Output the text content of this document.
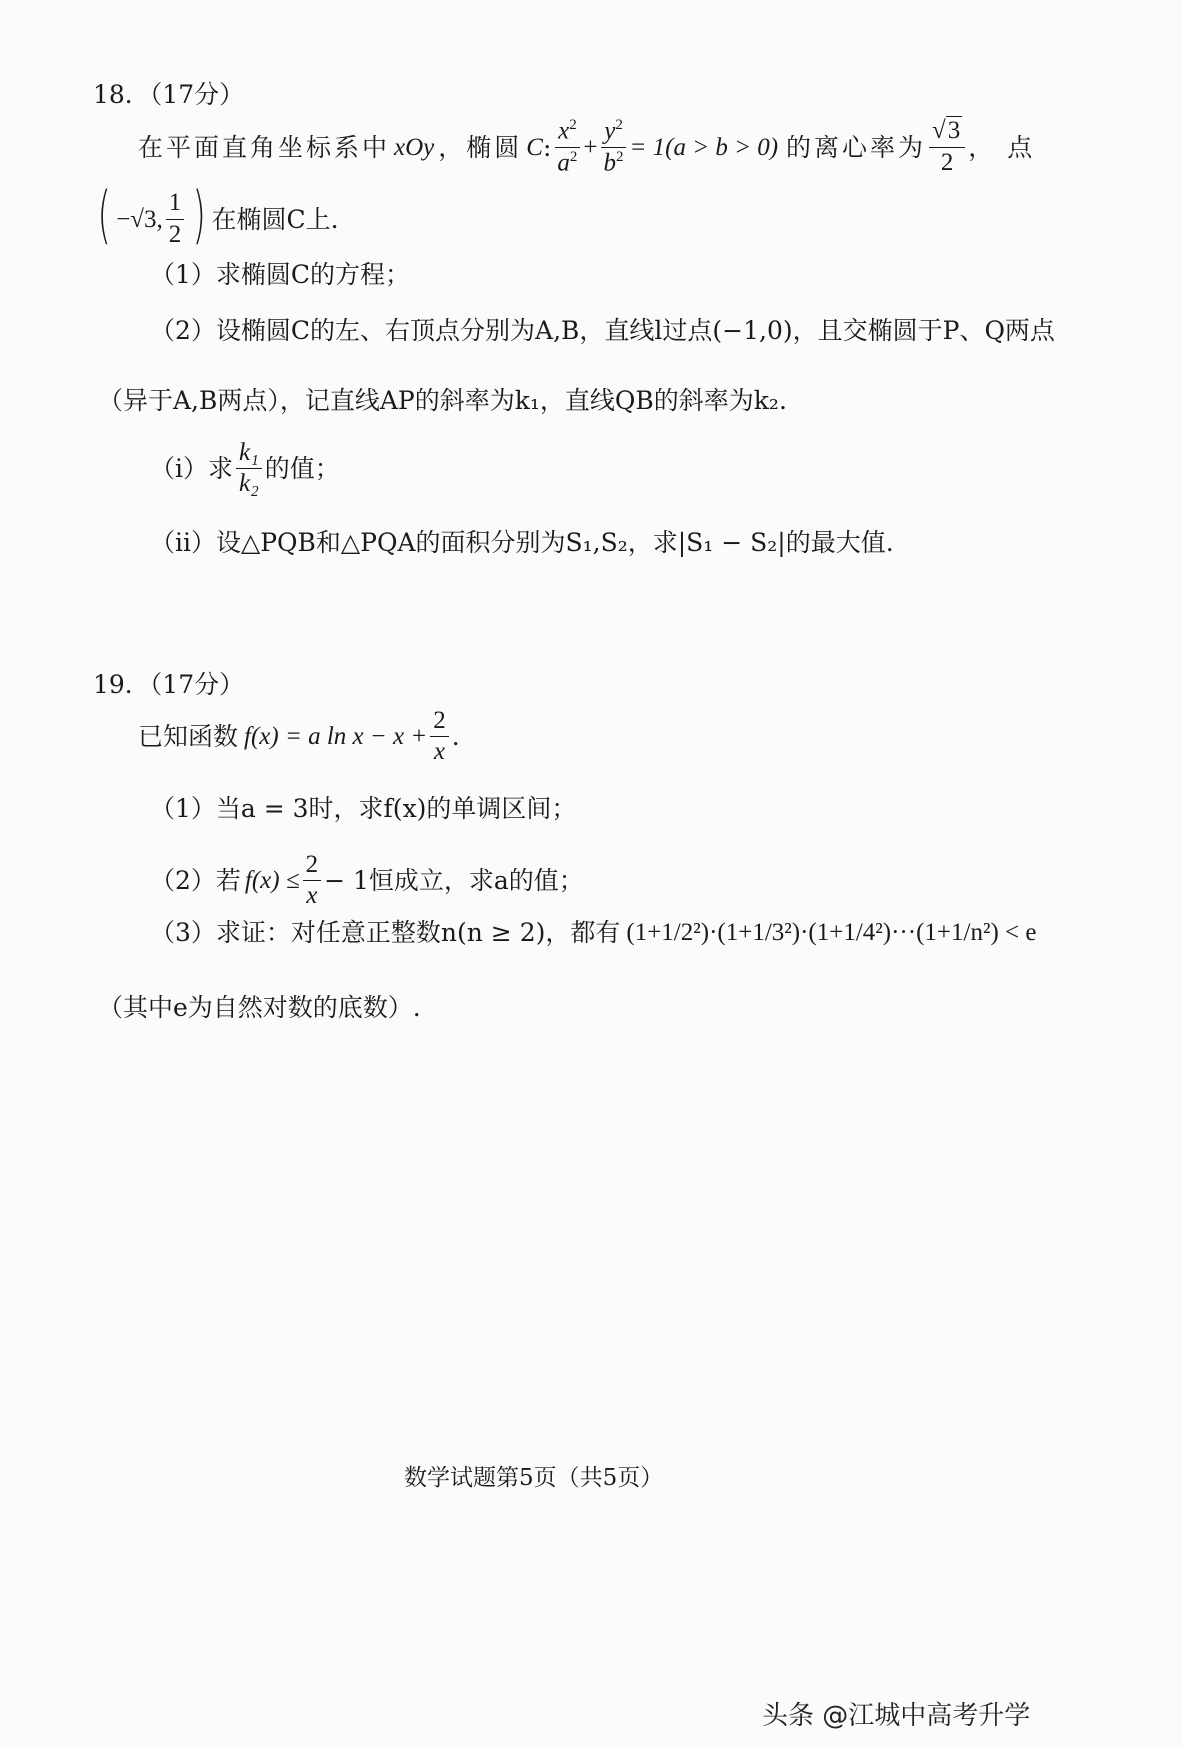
18．（17分）
在平面直角坐标系中 xOy ，椭圆 C : $\frac{x^2}{a^2} + \frac{y^2}{b^2} = 1(a > b > 0)$ 的离心率为 $\frac{√3}{2}$ ，点
( −√3, $\frac{1}{2}$ ) 在椭圆C上.
（1）求椭圆C的方程；
（2）设椭圆C的左、右顶点分别为A,B，直线l过点(−1,0)，且交椭圆于P、Q两点
（异于A,B两点），记直线AP的斜率为k₁，直线QB的斜率为k₂.
（i）求 $\frac{\text{k₁}}{\text{k₂}}$ 的值；
（ii）设△PQB和△PQA的面积分别为S₁,S₂，求|S₁ − S₂|的最大值.
19．（17分）
已知函数 f(x) = a $\ln x - x + \frac{2}{x}$ .
（1）当a = 3时，求f(x)的单调区间；
（2）若 $f(x) \le \frac{2}{x} - 1$恒成立，求a的值；
（3）求证：对任意正整数n(n ≥ 2)，都有 (1+1/2²)·(1+1/3²)·(1+1/4²)···(1+1/n²) < e
（其中e为自然对数的底数）.
数学试题第5页（共5页）
头条 @江城中高考升学
